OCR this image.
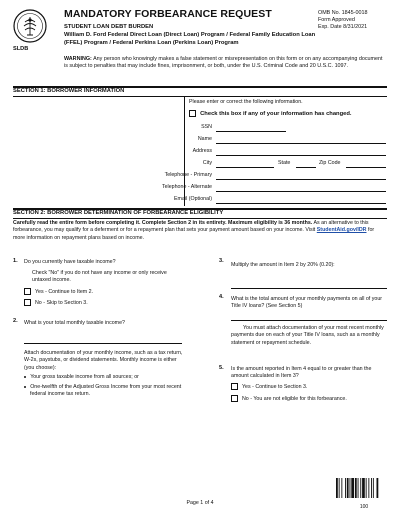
SLDB
MANDATORY FORBEARANCE REQUEST	OMB No. 1845-0018
Form Approved
Exp. Date 8/31/2021
STUDENT LOAN DEBT BURDEN
William D. Ford Federal Direct Loan (Direct Loan) Program / Federal Family Education Loan (FFEL) Program / Federal Perkins Loan (Perkins Loan) Program
WARNING: Any person who knowingly makes a false statement or misrepresentation on this form or on any accompanying document is subject to penalties that may include fines, imprisonment, or both, under the U.S. Criminal Code and 20 U.S.C. 1097.
SECTION 1: BORROWER INFORMATION
Please enter or correct the following information.
Check this box if any of your information has changed.
SSN
Name
Address
City	State	Zip Code
Telephone - Primary
Telephone - Alternate
Email (Optional)
SECTION 2: BORROWER DETERMINATION OF FORBEARANCE ELIGIBILITY
Carefully read the entire form before completing it. Complete Section 2 in its entirety. Maximum eligibility is 36 months. As an alternative to this forbearance, you may qualify for a deferment or for a repayment plan that sets your payment amount based on your income. Visit StudentAid.gov/IDR for more information on repayment plans based on income.
1. Do you currently have taxable income?
Check "No" if you do not have any income or only receive untaxed income.
Yes - Continue to Item 2.
No - Skip to Section 3.
2. What is your total monthly taxable income?
Attach documentation of your monthly income, such as a tax return, W-2s, paystubs, or dividend statements. Monthly income is either (you choose):
Your gross taxable income from all sources; or
One-twelfth of the Adjusted Gross Income from your most recent federal income tax return.
3.
Multiply the amount in Item 2 by 20% (0.20):
4. What is the total amount of your monthly payments on all of your Title IV loans? (See Section 5)
You must attach documentation of your most recent monthly payments due on each of your Title IV loans, such as a monthly statement or repayment schedule.
5. Is the amount reported in Item 4 equal to or greater than the amount calculated in Item 3?
Yes - Continue to Section 3.
No - You are not eligible for this forbearance.
Page 1 of 4
100
